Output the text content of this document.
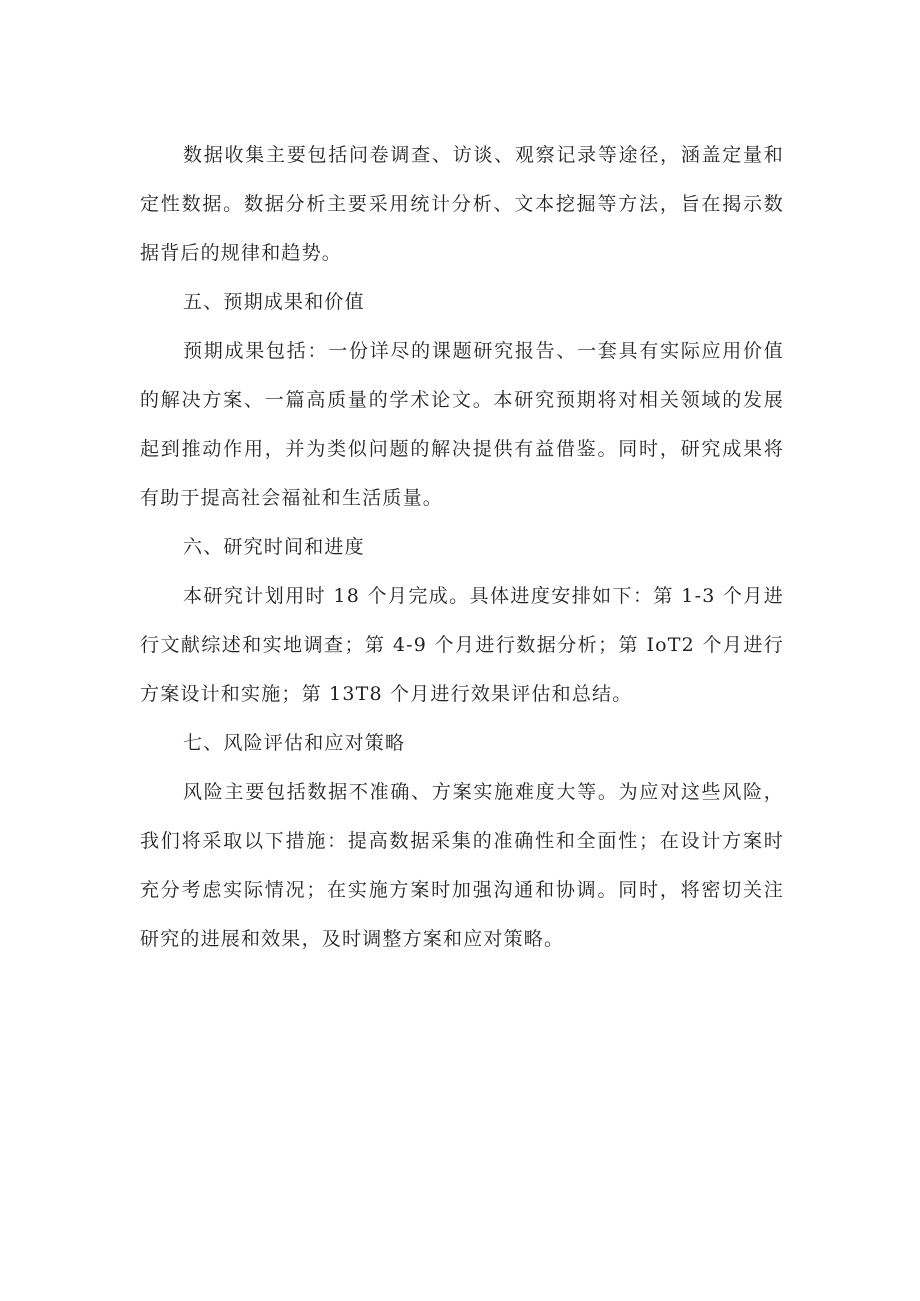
数据收集主要包括问卷调查、访谈、观察记录等途径，涵盖定量和定性数据。数据分析主要采用统计分析、文本挖掘等方法，旨在揭示数据背后的规律和趋势。

五、预期成果和价值

预期成果包括：一份详尽的课题研究报告、一套具有实际应用价值的解决方案、一篇高质量的学术论文。本研究预期将对相关领域的发展起到推动作用，并为类似问题的解决提供有益借鉴。同时，研究成果将有助于提高社会福祉和生活质量。

六、研究时间和进度

本研究计划用时 18 个月完成。具体进度安排如下：第 1-3 个月进行文献综述和实地调查；第 4-9 个月进行数据分析；第 IoT2 个月进行方案设计和实施；第 13T8 个月进行效果评估和总结。

七、风险评估和应对策略

风险主要包括数据不准确、方案实施难度大等。为应对这些风险，我们将采取以下措施：提高数据采集的准确性和全面性；在设计方案时充分考虑实际情况；在实施方案时加强沟通和协调。同时，将密切关注研究的进展和效果，及时调整方案和应对策略。
